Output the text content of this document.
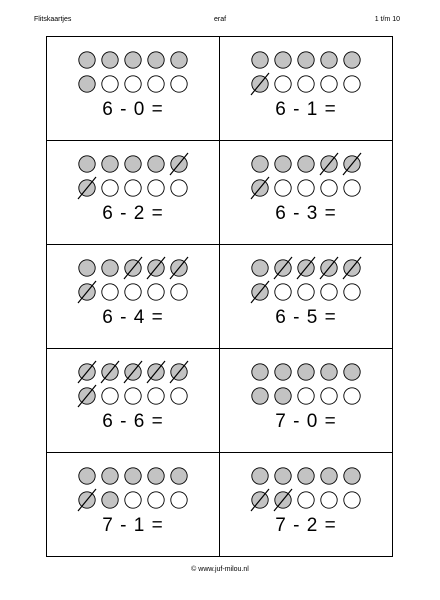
Flitskaartjes	eraf	1 t/m 10
6 - 0 =	6 - 1 =
6 - 2 =	6 - 3 =
6 - 4 =	6 - 5 =
6 - 6 =	7 - 0 =
7 - 1 =	7 - 2 =
© www.juf-milou.nl
